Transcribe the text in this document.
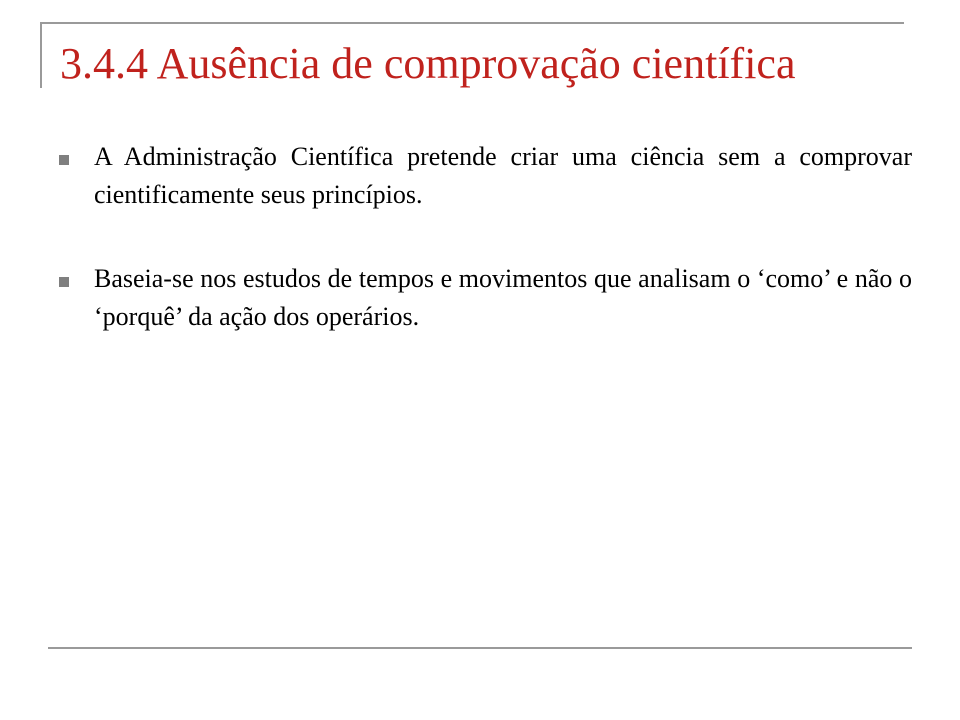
3.4.4 Ausência de comprovação científica
A Administração Científica pretende criar uma ciência sem a comprovar cientificamente seus princípios.
Baseia-se nos estudos de tempos e movimentos que analisam o ‘como’ e não o ‘porquê’ da ação dos operários.
